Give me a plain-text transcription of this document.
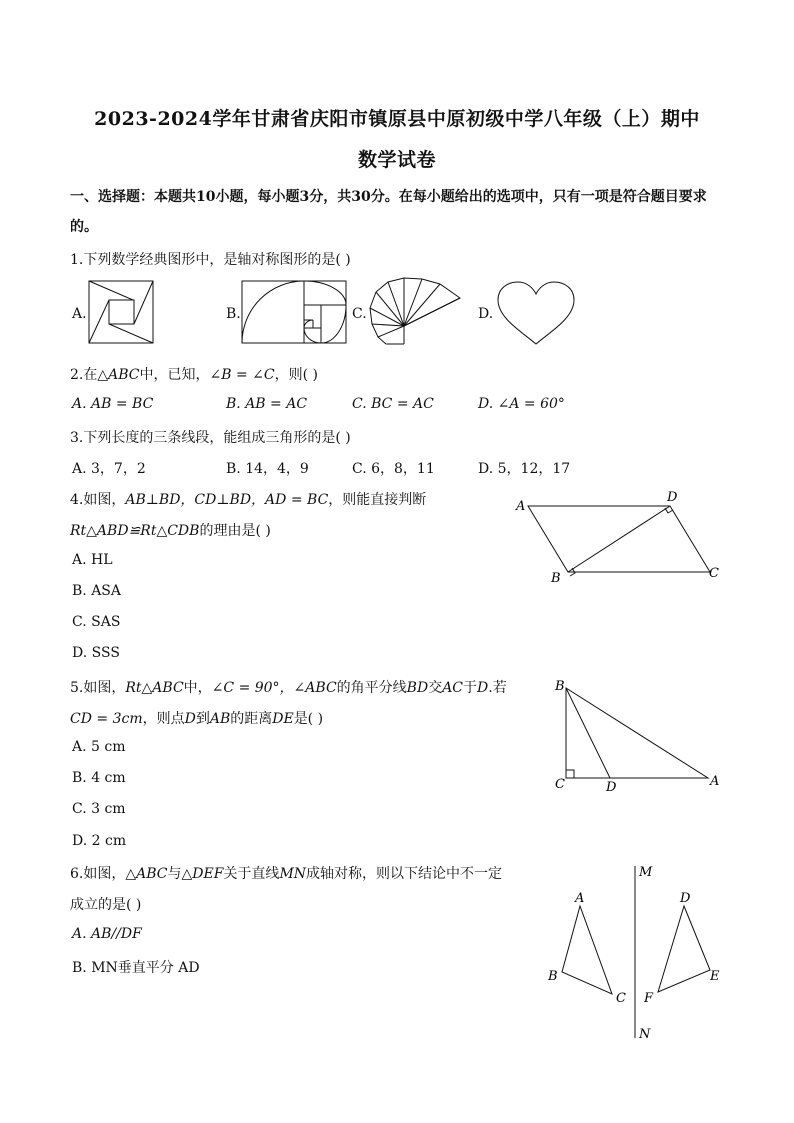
2023-2024学年甘肃省庆阳市镇原县中原初级中学八年级（上）期中
数学试卷
一、选择题：本题共10小题，每小题3分，共30分。在每小题给出的选项中，只有一项是符合题目要求
的。
1.下列数学经典图形中，是轴对称图形的是( )
A.	B.	C.	D.
2.在△ABC中，已知，∠B = ∠C，则( )
A. AB = BC	B. AB = AC	C. BC = AC	D. ∠A = 60°
3.下列长度的三条线段，能组成三角形的是( )
A. 3，7，2	B. 14，4，9	C. 6，8，11	D. 5，12，17
4.如图，AB⊥BD，CD⊥BD，AD = BC，则能直接判断
Rt△ABD≌Rt△CDB的理由是( )
A. HL
B. ASA
C. SAS
D. SSS
A
D
B	C
5.如图，Rt△ABC中，∠C = 90°，∠ABC的角平分线BD交AC于D.若
CD = 3cm，则点D到AB的距离DE是( )
A. 5 cm
B. 4 cm
C. 3 cm
D. 2 cm
B
C	D	A
6.如图，△ABC与△DEF关于直线MN成轴对称，则以下结论中不一定
成立的是( )
A. AB//DF
B. MN垂直平分 AD
M
N
A
B
C
D
E
F
